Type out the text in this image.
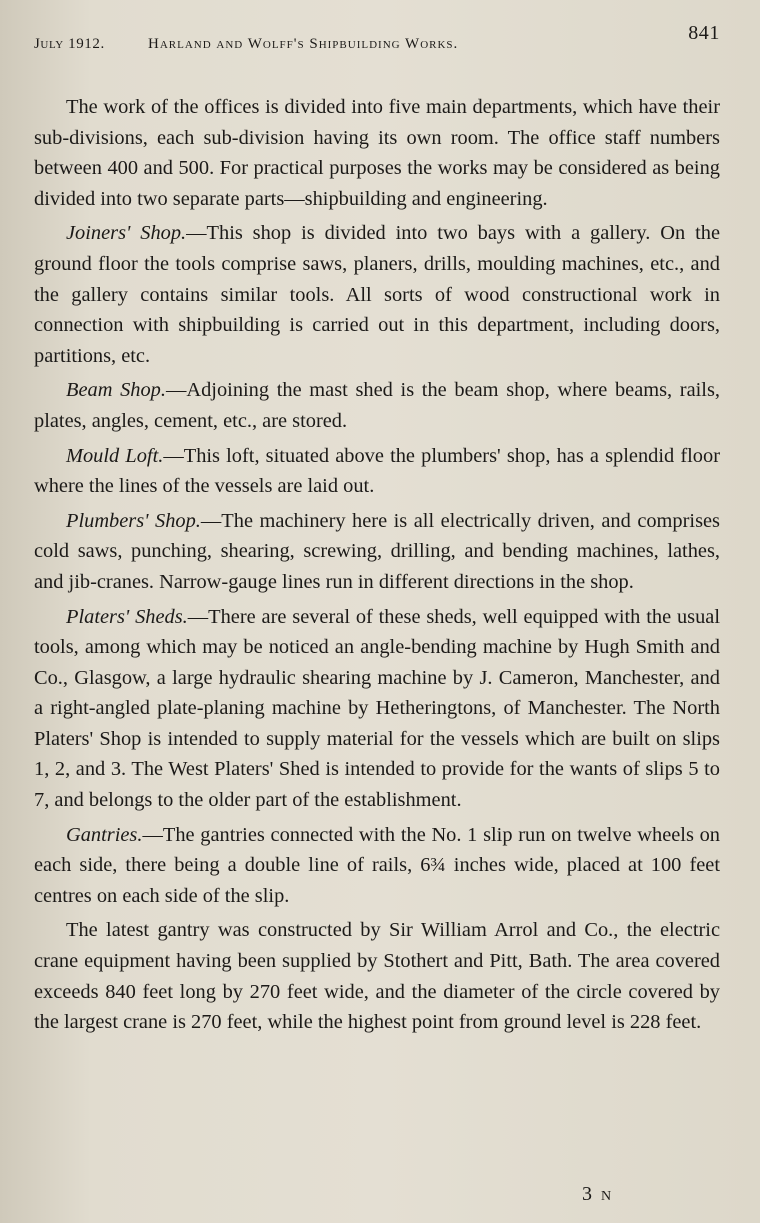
July 1912.	Harland and Wolff's Shipbuilding Works.	841

The work of the offices is divided into five main departments, which have their sub-divisions, each sub-division having its own room. The office staff numbers between 400 and 500. For practical purposes the works may be considered as being divided into two separate parts—shipbuilding and engineering.

Joiners' Shop.—This shop is divided into two bays with a gallery. On the ground floor the tools comprise saws, planers, drills, moulding machines, etc., and the gallery contains similar tools. All sorts of wood constructional work in connection with shipbuilding is carried out in this department, including doors, partitions, etc.

Beam Shop.—Adjoining the mast shed is the beam shop, where beams, rails, plates, angles, cement, etc., are stored.

Mould Loft.—This loft, situated above the plumbers' shop, has a splendid floor where the lines of the vessels are laid out.

Plumbers' Shop.—The machinery here is all electrically driven, and comprises cold saws, punching, shearing, screwing, drilling, and bending machines, lathes, and jib-cranes. Narrow-gauge lines run in different directions in the shop.

Platers' Sheds.—There are several of these sheds, well equipped with the usual tools, among which may be noticed an angle-bending machine by Hugh Smith and Co., Glasgow, a large hydraulic shearing machine by J. Cameron, Manchester, and a right-angled plate-planing machine by Hetheringtons, of Manchester. The North Platers' Shop is intended to supply material for the vessels which are built on slips 1, 2, and 3. The West Platers' Shed is intended to provide for the wants of slips 5 to 7, and belongs to the older part of the establishment.

Gantries.—The gantries connected with the No. 1 slip run on twelve wheels on each side, there being a double line of rails, 6¾ inches wide, placed at 100 feet centres on each side of the slip.

The latest gantry was constructed by Sir William Arrol and Co., the electric crane equipment having been supplied by Stothert and Pitt, Bath. The area covered exceeds 840 feet long by 270 feet wide, and the diameter of the circle covered by the largest crane is 270 feet, while the highest point from ground level is 228 feet.

3 N
